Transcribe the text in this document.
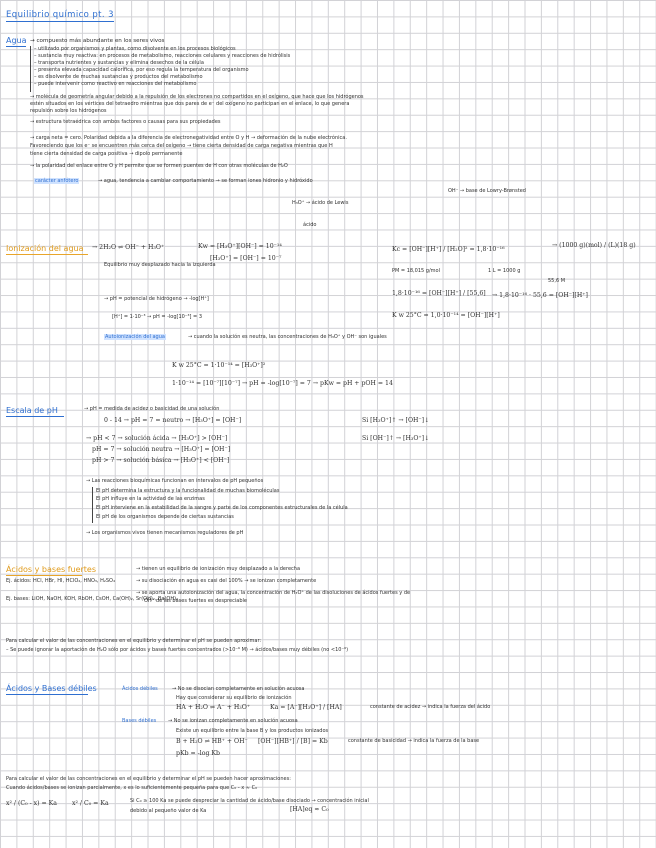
Equilibrio químico pt. 3
Agua → compuesto más abundante en los seres vivos
– utilizado por organismos y plantas, como disolvente en los procesos biológicos
– sustancia muy reactiva: en procesos de metabolismo, reacciones celulares y reacciones de hidrólisis
– transporta nutrientes y sustancias y elimina desechos de la célula
– presenta elevada capacidad calorífica, por eso regula la temperatura del organismo
– es disolvente de muchas sustancias y productos del metabolismo
– puede intervenir como reactivo en reacciones del metabolismo
→ molécula de geometría angular debido a la repulsión de los electrones no compartidos en el oxígeno, que hace que los hidrógenos
estén situados en los vértices del tetraedro mientras que dos pares de e⁻ del oxígeno no participan en el enlace, lo que genera
repulsión sobre los hidrógenos
→ estructura tetraédrica con ambos factores o causas para sus propiedades
→ carga neta = cero. Polaridad debida a la diferencia de electronegatividad entre O y H → deformación de la nube electrónica.
Favoreciendo que los e⁻ se encuentren más cerca del oxígeno → tiene cierta densidad de carga negativa mientras que H
tiene cierta densidad de carga positiva → dipolo permanente
→ la polaridad del enlace entre O y H permite que se formen puentes de H con otras moléculas de H₂O
carácter anfótero	→ agua, tendencia a cambiar comportamiento → se forman iones hidronio y hidróxido
OH⁻ → base de Lowry-Brønsted
H₃O⁺ → ácido de Lewis
ácido
Ionización del agua → 2H₂O ⇌ OH⁻ + H₃O⁺	Kw = [H₃O⁺][OH⁻] = 10⁻¹⁴
[H₃O⁺] = [OH⁻] = 10⁻⁷
Equilibrio muy desplazado hacia la izquierda
Kc = [OH⁻][H⁺] / [H₂O]² = 1,8·10⁻¹⁶
→ (1000 g)(mol) / (L)(18 g)
PM = 18,015 g/mol	1 L = 1000 g
55,6 M
1,8·10⁻¹⁶ = [OH⁻][H⁺] / [55,6] → 1,8·10⁻¹⁶ · 55,6 = [OH⁻][H⁺]
K w 25°C = 1,0·10⁻¹⁴ = [OH⁻][H⁺]
→ pH = potencial de hidrógeno → -log[H⁺]
[H⁺] = 1·10⁻³ → pH = -log[10⁻³] = 3
Autoionización del agua	→ cuando la solución es neutra, las concentraciones de H₃O⁺ y OH⁻ son iguales
K w 25°C = 1·10⁻¹⁴ = [H₃O⁺]²
1·10⁻¹⁴ = [10⁻⁷][10⁻⁷] → pH = -log[10⁻⁷] = 7 → pKw = pH + pOH = 14
Escala de pH	→ pH = medida de acidez o basicidad de una solución
0 - 14 → pH = 7 = neutro → [H₃O⁺] = [OH⁻]	Si [H₃O⁺]↑ → [OH⁻]↓
Si [OH⁻]↑ → [H₃O⁺]↓
→ pH < 7 → solución ácida → [H₃O⁺] > [OH⁻]
pH = 7 → solución neutra → [H₃O⁺] = [OH⁻]
pH > 7 → solución básica → [H₃O⁺] < [OH⁻]
→ Las reacciones bioquímicas funcionan en intervalos de pH pequeños
El pH determina la estructura y la funcionalidad de muchas biomoléculas
El pH influye en la actividad de las enzimas
El pH interviene en la estabilidad de la sangre y parte de los componentes estructurales de la célula
El pH de los organismos depende de ciertas sustancias
→ Los organismos vivos tienen mecanismos reguladores de pH
Ácidos y bases fuertes
Ej. ácidos: HCl, HBr, HI, HClO₄, HNO₃, H₂SO₄
Ej. bases: LiOH, NaOH, KOH, RbOH, CsOH, Ca(OH)₂, Sr(OH)₂, Ba(OH)₂
→ tienen un equilibrio de ionización muy desplazado a la derecha
→ su disociación en agua es casi del 100% → se ionizan completamente
→ se aporta una autoionización del agua, la concentración de H₃O⁺ de las disoluciones de ácidos fuertes y de
OH⁻ de las bases fuertes es despreciable
Para calcular el valor de las concentraciones en el equilibrio y determinar el pH se pueden aproximar:
– Se puede ignorar la aportación de H₂O sólo por ácidos y bases fuertes concentrados (>10⁻⁶ M) → ácidos/bases muy débiles (no <10⁻⁶)
Ácidos y Bases débiles	Ácidos débiles	→ No se disocian completamente en solución acuosa
Hay que considerar su equilibrio de ionización
HA + H₂O ⇌ A⁻ + H₃O⁺	Ka = [A⁻][H₃O⁺] / [HA]	constante de acidez → indica la fuerza del ácido
Bases débiles → No se ionizan completamente en solución acuosa
Existe un equilibrio entre la base B y los productos ionizados
B + H₂O ⇌ HB⁺ + OH⁻ [OH⁻][HB⁺] / [B] = Kb	constante de basicidad → indica la fuerza de la base
pKb = -log Kb
Para calcular el valor de las concentraciones en el equilibrio y determinar el pH se pueden hacer aproximaciones:
Cuando ácidos/bases se ionizan parcialmente, x es lo suficientemente pequeña para que C₀ - x ≈ C₀
x² / (C₀ - x) = Ka x² / C₀ = Ka	Si C₀ ≥ 100 Ka se puede despreciar la cantidad de ácido/base disociado → concentración inicial
debido al pequeño valor de Ka	[HA]eq ≈ C₀
